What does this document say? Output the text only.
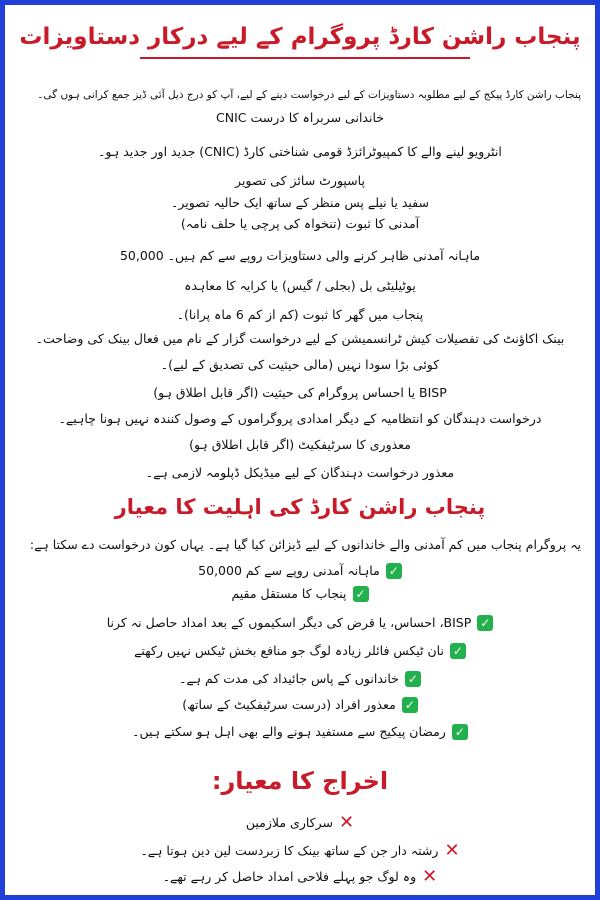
پنجاب راشن کارڈ پروگرام کے لیے درکار دستاویزات
پنجاب راشن کارڈ پیکج کے لیے مطلوبہ دستاویزات کے لیے درخواست دینے کے لیے، آپ کو درج ذیل آئی ڈیز جمع کرانی ہوں گی۔
خاندانی سربراہ کا درست CNIC
انٹرویو لینے والے کا کمپیوٹرائزڈ قومی شناختی کارڈ (CNIC) جدید اور جدید ہو۔
پاسپورٹ سائز کی تصویر
سفید یا نیلے پس منظر کے ساتھ ایک حالیہ تصویر۔
آمدنی کا ثبوت (تنخواہ کی پرچی یا حلف نامہ)
ماہانہ آمدنی ظاہر کرنے والی دستاویزات روپے سے کم ہیں۔ 50,000
یوٹیلیٹی بل (بجلی / گیس) یا کرایہ کا معاہدہ
پنجاب میں گھر کا ثبوت (کم از کم 6 ماہ پرانا)۔
بینک اکاؤنٹ کی تفصیلات کیش ٹرانسمیشن کے لیے درخواست گزار کے نام میں فعال بینک کی وضاحت۔
کوئی بڑا سودا نہیں (مالی حیثیت کی تصدیق کے لیے)۔
BISP یا احساس پروگرام کی حیثیت (اگر قابل اطلاق ہو)
درخواست دہندگان کو انتظامیہ کے دیگر امدادی پروگراموں کے وصول کنندہ نہیں ہونا چاہیے۔
معذوری کا سرٹیفکیٹ (اگر قابل اطلاق ہو)
معذور درخواست دہندگان کے لیے میڈیکل ڈپلومہ لازمی ہے۔
پنجاب راشن کارڈ کی اہلیت کا معیار
یہ پروگرام پنجاب میں کم آمدنی والے خاندانوں کے لیے ڈیزائن کیا گیا ہے۔ یہاں کون درخواست دے سکتا ہے:
✓
ماہانہ آمدنی روپے سے کم 50,000
✓
پنجاب کا مستقل مقیم
✓
BISP، احساس، یا قرض کی دیگر اسکیموں کے بعد امداد حاصل نہ کرنا
✓
نان ٹیکس فائلر زیادہ لوگ جو منافع بخش ٹیکس نہیں رکھتے
✓
خاندانوں کے پاس جائیداد کی مدت کم ہے۔
✓
معذور افراد (درست سرٹیفکیٹ کے ساتھ)
✓
رمضان پیکیج سے مستفید ہونے والے بھی اہل ہو سکتے ہیں۔
اخراج کا معیار:
✕
سرکاری ملازمین
✕
رشتہ دار جن کے ساتھ بینک کا زبردست لین دین ہوتا ہے۔
✕
وہ لوگ جو پہلے فلاحی امداد حاصل کر رہے تھے۔
